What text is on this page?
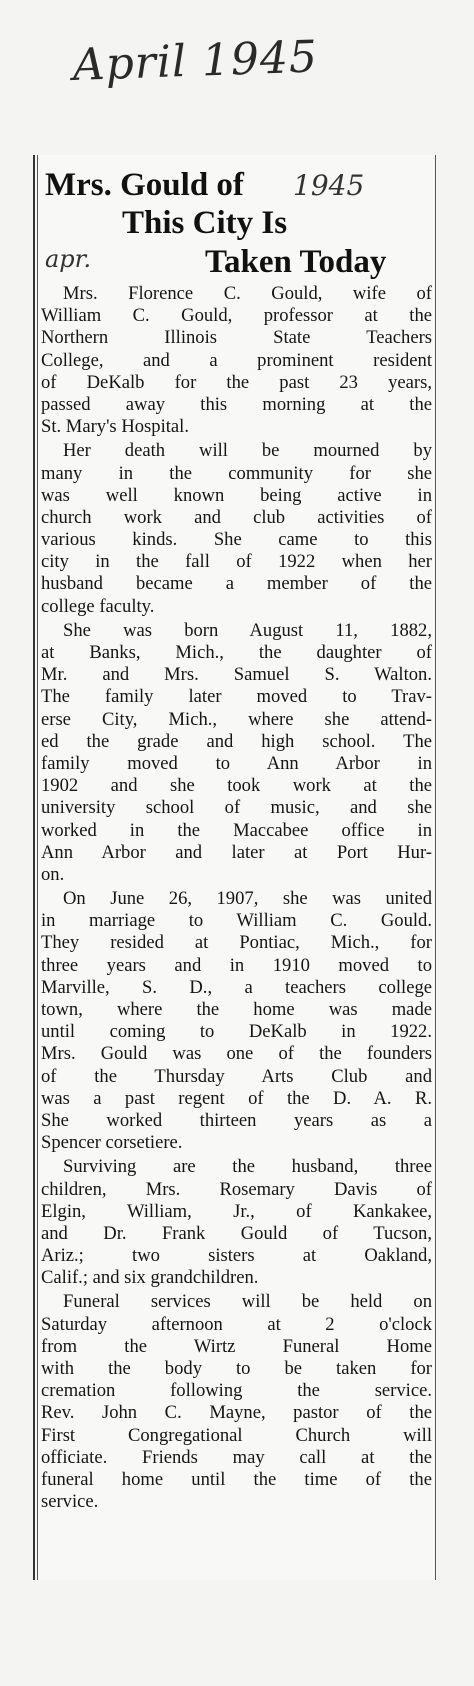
April 1945
Mrs. Gould of 1945
This City Is
apr.	Taken Today
Mrs. Florence C. Gould, wife of
William C. Gould, professor at the
Northern Illinois State Teachers
College, and a prominent resident
of DeKalb for the past 23 years,
passed away this morning at the
St. Mary's Hospital.
Her death will be mourned by
many in the community for she
was well known being active in
church work and club activities of
various kinds. She came to this
city in the fall of 1922 when her
husband became a member of the
college faculty.
She was born August 11, 1882,
at Banks, Mich., the daughter of
Mr. and Mrs. Samuel S. Walton.
The family later moved to Trav-
erse City, Mich., where she attend-
ed the grade and high school. The
family moved to Ann Arbor in
1902 and she took work at the
university school of music, and she
worked in the Maccabee office in
Ann Arbor and later at Port Hur-
on.
On June 26, 1907, she was united
in marriage to William C. Gould.
They resided at Pontiac, Mich., for
three years and in 1910 moved to
Marville, S. D., a teachers college
town, where the home was made
until coming to DeKalb in 1922.
Mrs. Gould was one of the founders
of the Thursday Arts Club and
was a past regent of the D. A. R.
She worked thirteen years as a
Spencer corsetiere.
Surviving are the husband, three
children, Mrs. Rosemary Davis of
Elgin, William, Jr., of Kankakee,
and Dr. Frank Gould of Tucson,
Ariz.; two sisters at Oakland,
Calif.; and six grandchildren.
Funeral services will be held on
Saturday afternoon at 2 o'clock
from the Wirtz Funeral Home
with the body to be taken for
cremation following the service.
Rev. John C. Mayne, pastor of the
First Congregational Church will
officiate. Friends may call at the
funeral home until the time of the
service.
